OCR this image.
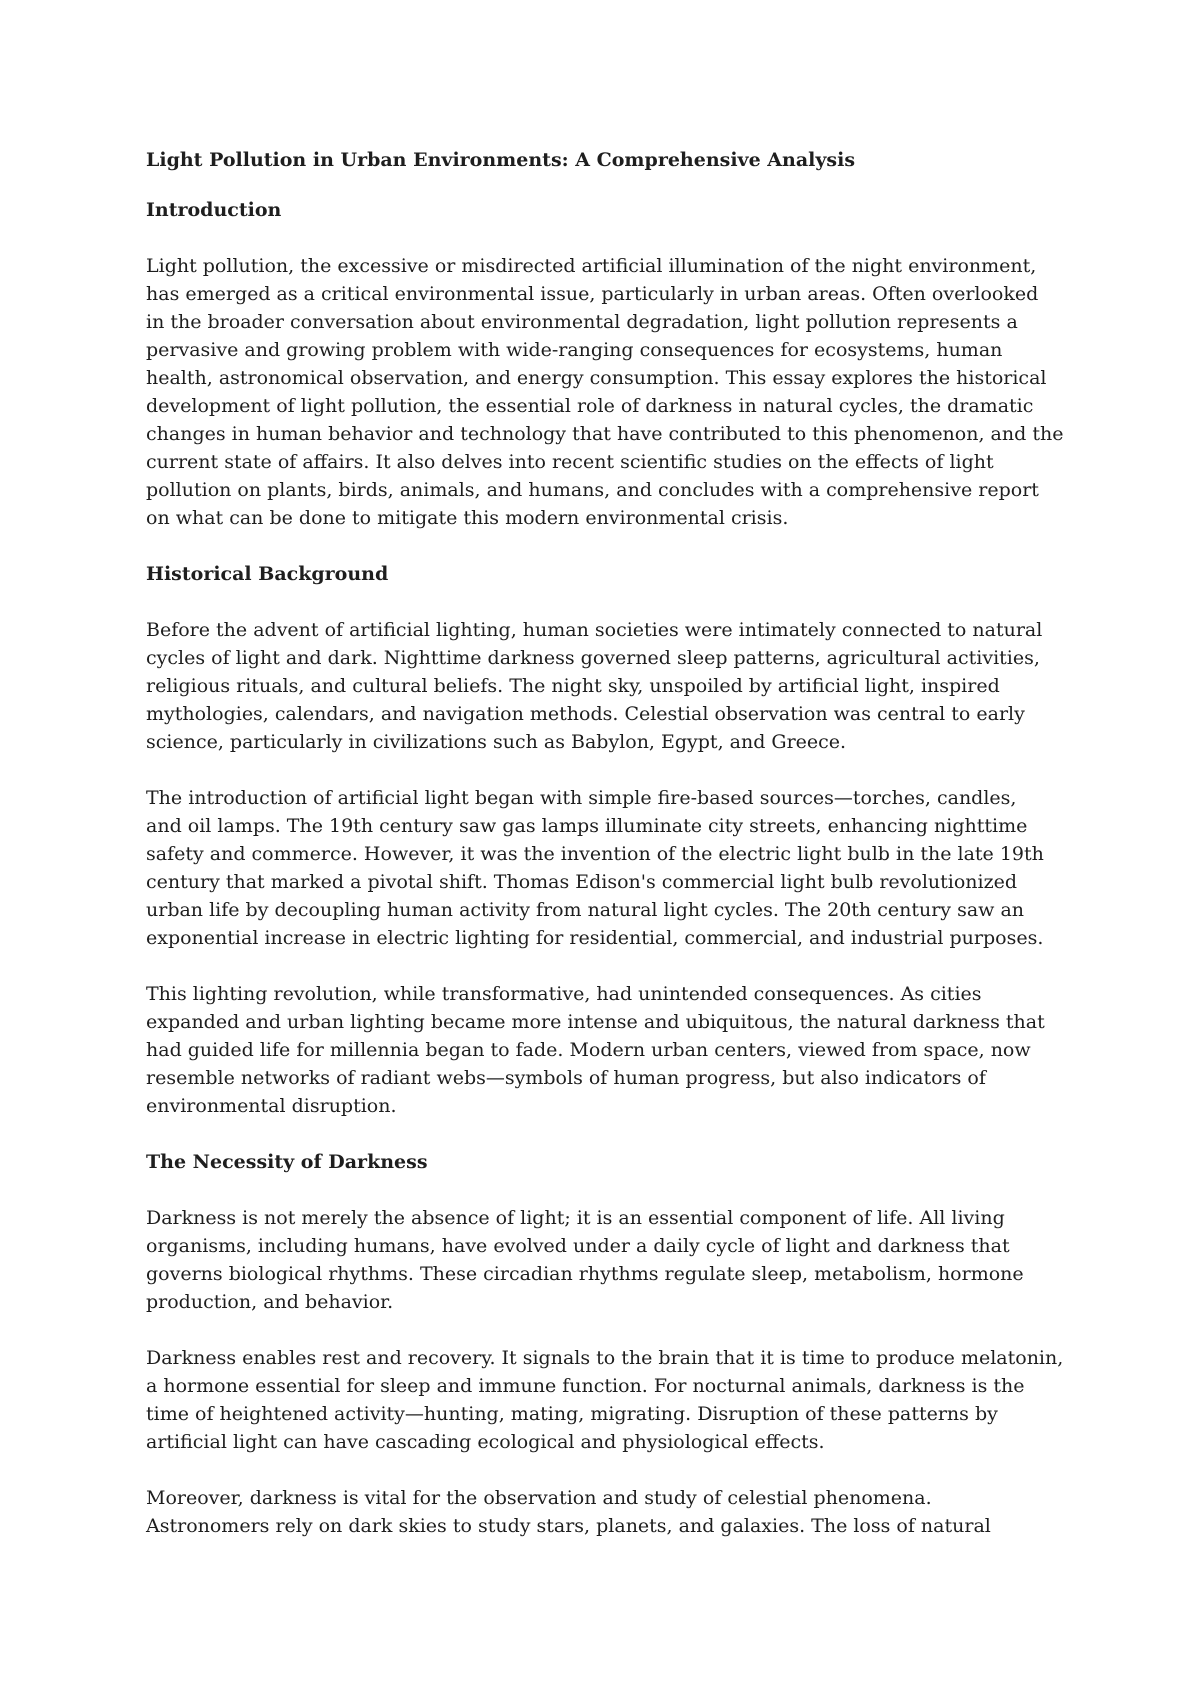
Light Pollution in Urban Environments: A Comprehensive Analysis
Introduction

Light pollution, the excessive or misdirected artificial illumination of the night environment,
has emerged as a critical environmental issue, particularly in urban areas. Often overlooked
in the broader conversation about environmental degradation, light pollution represents a
pervasive and growing problem with wide-ranging consequences for ecosystems, human
health, astronomical observation, and energy consumption. This essay explores the historical
development of light pollution, the essential role of darkness in natural cycles, the dramatic
changes in human behavior and technology that have contributed to this phenomenon, and the
current state of affairs. It also delves into recent scientific studies on the effects of light
pollution on plants, birds, animals, and humans, and concludes with a comprehensive report
on what can be done to mitigate this modern environmental crisis.

Historical Background

Before the advent of artificial lighting, human societies were intimately connected to natural
cycles of light and dark. Nighttime darkness governed sleep patterns, agricultural activities,
religious rituals, and cultural beliefs. The night sky, unspoiled by artificial light, inspired
mythologies, calendars, and navigation methods. Celestial observation was central to early
science, particularly in civilizations such as Babylon, Egypt, and Greece.

The introduction of artificial light began with simple fire-based sources—torches, candles,
and oil lamps. The 19th century saw gas lamps illuminate city streets, enhancing nighttime
safety and commerce. However, it was the invention of the electric light bulb in the late 19th
century that marked a pivotal shift. Thomas Edison's commercial light bulb revolutionized
urban life by decoupling human activity from natural light cycles. The 20th century saw an
exponential increase in electric lighting for residential, commercial, and industrial purposes.

This lighting revolution, while transformative, had unintended consequences. As cities
expanded and urban lighting became more intense and ubiquitous, the natural darkness that
had guided life for millennia began to fade. Modern urban centers, viewed from space, now
resemble networks of radiant webs—symbols of human progress, but also indicators of
environmental disruption.

The Necessity of Darkness

Darkness is not merely the absence of light; it is an essential component of life. All living
organisms, including humans, have evolved under a daily cycle of light and darkness that
governs biological rhythms. These circadian rhythms regulate sleep, metabolism, hormone
production, and behavior.

Darkness enables rest and recovery. It signals to the brain that it is time to produce melatonin,
a hormone essential for sleep and immune function. For nocturnal animals, darkness is the
time of heightened activity—hunting, mating, migrating. Disruption of these patterns by
artificial light can have cascading ecological and physiological effects.

Moreover, darkness is vital for the observation and study of celestial phenomena.
Astronomers rely on dark skies to study stars, planets, and galaxies. The loss of natural
